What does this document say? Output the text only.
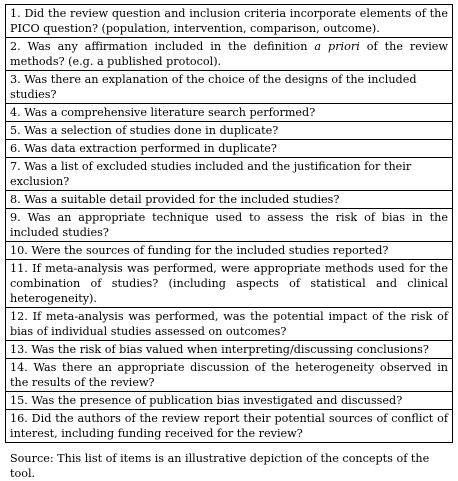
1. Did the review question and inclusion criteria incorporate elements of the PICO question? (population, intervention, comparison, outcome).
2. Was any affirmation included in the definition a priori of the review methods? (e.g. a published protocol).
3. Was there an explanation of the choice of the designs of the included studies?
4. Was a comprehensive literature search performed?
5. Was a selection of studies done in duplicate?
6. Was data extraction performed in duplicate?
7. Was a list of excluded studies included and the justification for their exclusion?
8. Was a suitable detail provided for the included studies?
9. Was an appropriate technique used to assess the risk of bias in the included studies?
10. Were the sources of funding for the included studies reported?
11. If meta-analysis was performed, were appropriate methods used for the combination of studies? (including aspects of statistical and clinical heterogeneity).
12. If meta-analysis was performed, was the potential impact of the risk of bias of individual studies assessed on outcomes?
13. Was the risk of bias valued when interpreting/discussing conclusions?
14. Was there an appropriate discussion of the heterogeneity observed in the results of the review?
15. Was the presence of publication bias investigated and discussed?
16. Did the authors of the review report their potential sources of conflict of interest, including funding received for the review?
Source: This list of items is an illustrative depiction of the concepts of the tool.
